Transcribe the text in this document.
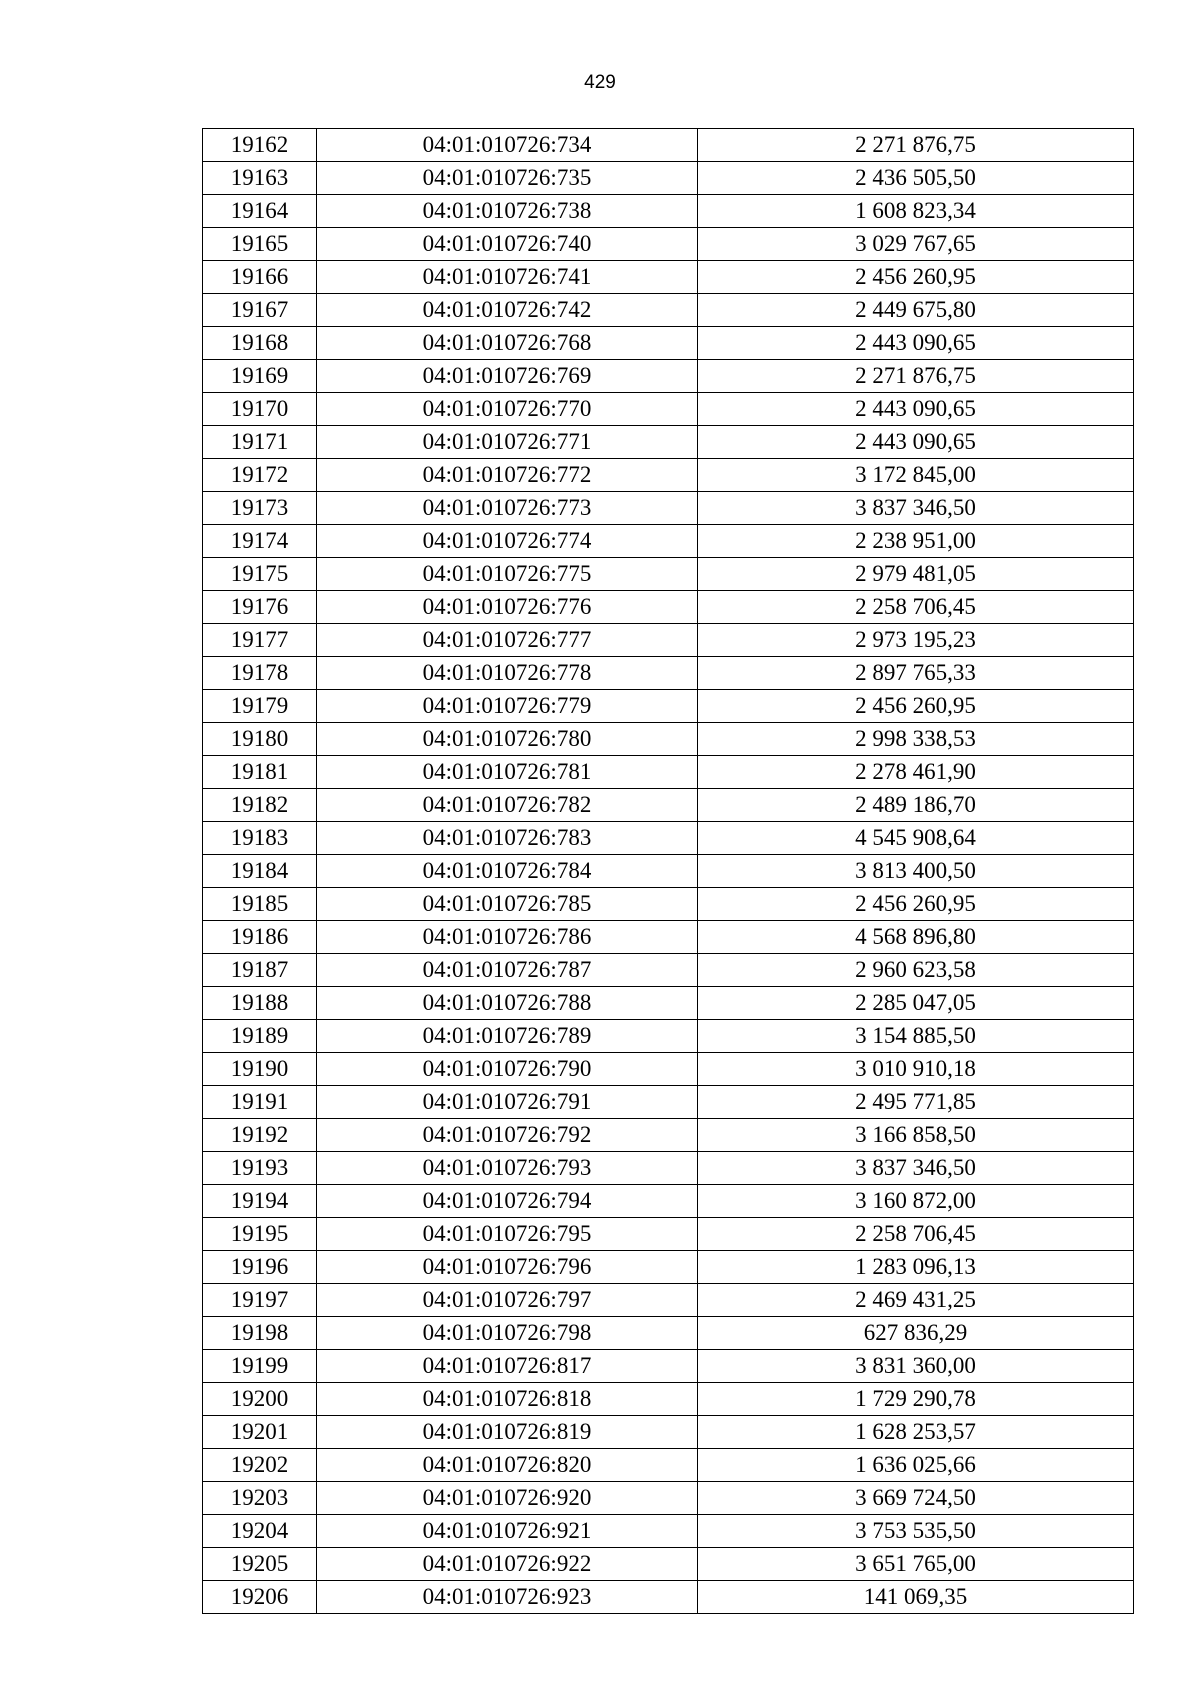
429
19162	04:01:010726:734	2 271 876,75
19163	04:01:010726:735	2 436 505,50
19164	04:01:010726:738	1 608 823,34
19165	04:01:010726:740	3 029 767,65
19166	04:01:010726:741	2 456 260,95
19167	04:01:010726:742	2 449 675,80
19168	04:01:010726:768	2 443 090,65
19169	04:01:010726:769	2 271 876,75
19170	04:01:010726:770	2 443 090,65
19171	04:01:010726:771	2 443 090,65
19172	04:01:010726:772	3 172 845,00
19173	04:01:010726:773	3 837 346,50
19174	04:01:010726:774	2 238 951,00
19175	04:01:010726:775	2 979 481,05
19176	04:01:010726:776	2 258 706,45
19177	04:01:010726:777	2 973 195,23
19178	04:01:010726:778	2 897 765,33
19179	04:01:010726:779	2 456 260,95
19180	04:01:010726:780	2 998 338,53
19181	04:01:010726:781	2 278 461,90
19182	04:01:010726:782	2 489 186,70
19183	04:01:010726:783	4 545 908,64
19184	04:01:010726:784	3 813 400,50
19185	04:01:010726:785	2 456 260,95
19186	04:01:010726:786	4 568 896,80
19187	04:01:010726:787	2 960 623,58
19188	04:01:010726:788	2 285 047,05
19189	04:01:010726:789	3 154 885,50
19190	04:01:010726:790	3 010 910,18
19191	04:01:010726:791	2 495 771,85
19192	04:01:010726:792	3 166 858,50
19193	04:01:010726:793	3 837 346,50
19194	04:01:010726:794	3 160 872,00
19195	04:01:010726:795	2 258 706,45
19196	04:01:010726:796	1 283 096,13
19197	04:01:010726:797	2 469 431,25
19198	04:01:010726:798	627 836,29
19199	04:01:010726:817	3 831 360,00
19200	04:01:010726:818	1 729 290,78
19201	04:01:010726:819	1 628 253,57
19202	04:01:010726:820	1 636 025,66
19203	04:01:010726:920	3 669 724,50
19204	04:01:010726:921	3 753 535,50
19205	04:01:010726:922	3 651 765,00
19206	04:01:010726:923	141 069,35
